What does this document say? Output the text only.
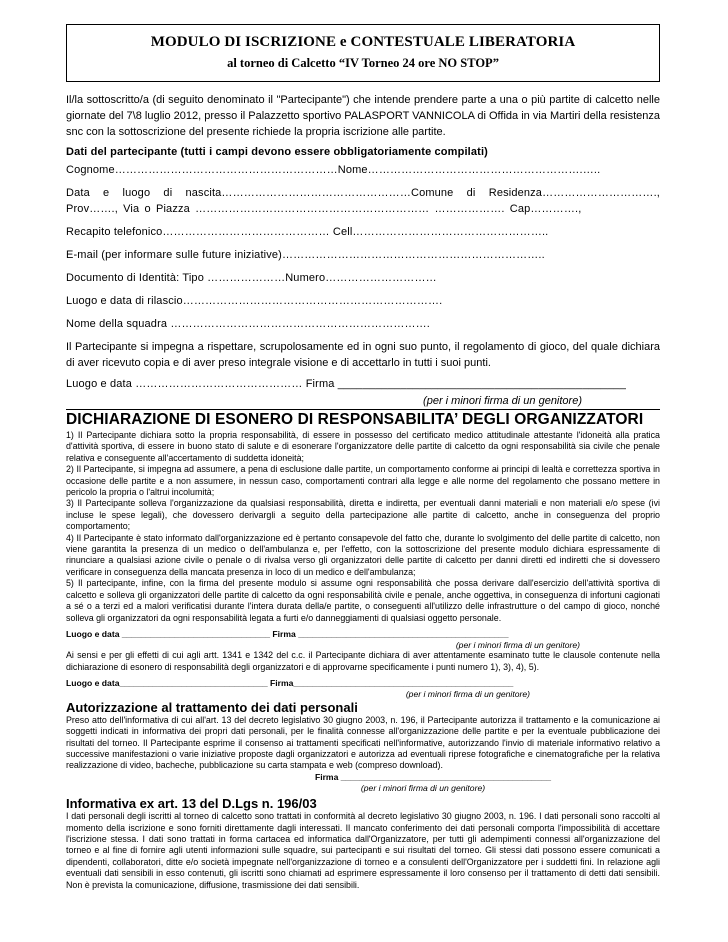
MODULO DI ISCRIZIONE e CONTESTUALE LIBERATORIA
al torneo di Calcetto “IV Torneo 24 ore NO STOP”

Il/la sottoscritto/a (di seguito denominato il "Partecipante") che intende prendere parte a una o più partite di calcetto nelle giornate del 7\8 luglio 2012, presso il Palazzetto sportivo PALASPORT VANNICOLA di Offida in via Martiri della resistenza snc con la sottoscrizione del presente richiede la propria iscrizione alle partite.

Dati del partecipante (tutti i campi devono essere obbligatoriamente compilati)

Cognome……………………………………………………Nome………………………………………………….…..

Data e luogo di nascita……………………………………………Comune di Residenza…………………………., Prov……., Via o Piazza ……………………………………………………… ………………. Cap………….,

Recapito telefonico……………………………………… Cell……………………………………………..

E-mail (per informare sulle future iniziative)……………………………………………………………..

Documento di Identità: Tipo …………………Numero…………………………

Luogo e data di rilascio…………………………………………………………….

Nome della squadra …………………………………………………………….

Il Partecipante si impegna a rispettare, scrupolosamente ed in ogni suo punto, il regolamento di gioco, del quale dichiara di aver ricevuto copia e di aver preso integrale visione e di accettarlo in tutti i suoi punti.

Luogo e data ……………………………………… Firma ______________________________________________

(per i minori firma di un genitore)

DICHIARAZIONE DI ESONERO DI RESPONSABILITA’ DEGLI ORGANIZZATORI

1) Il Partecipante dichiara sotto la propria responsabilità, di essere in possesso del certificato medico attitudinale attestante l'idoneità alla pratica d'attività sportiva, di essere in buono stato di salute e di esonerare l'organizzatore delle partite di calcetto da ogni responsabilità sia civile che penale relativa e conseguente all'accertamento di suddetta idoneità;

2) Il Partecipante, si impegna ad assumere, a pena di esclusione dalle partite, un comportamento conforme ai principi di lealtà e correttezza sportiva in occasione delle partite e a non assumere, in nessun caso, comportamenti contrari alla legge e alle norme del regolamento che possano mettere in pericolo la propria o l'altrui incolumità;

3) Il Partecipante solleva l'organizzazione da qualsiasi responsabilità, diretta e indiretta, per eventuali danni materiali e non materiali e/o spese (ivi incluse le spese legali), che dovessero derivargli a seguito della partecipazione alle partite di calcetto, anche in conseguenza del proprio comportamento;

4) Il Partecipante è stato informato dall'organizzazione ed è pertanto consapevole del fatto che, durante lo svolgimento del delle partite di calcetto, non viene garantita la presenza di un medico o dell'ambulanza e, per l'effetto, con la sottoscrizione del presente modulo dichiara espressamente di rinunciare a qualsiasi azione civile o penale o di rivalsa verso gli organizzatori delle partite di calcetto per danni diretti ed indiretti che si dovessero verificare in conseguenza della mancata presenza in loco di un medico e dell'ambulanza;

5) Il partecipante, infine, con la firma del presente modulo si assume ogni responsabilità che possa derivare dall'esercizio dell'attività sportiva di calcetto e solleva gli organizzatori delle partite di calcetto da ogni responsabilità civile e penale, anche oggettiva, in conseguenza di infortuni cagionati a sé o a terzi ed a malori verificatisi durante l'intera durata della/e partite, o conseguenti all'utilizzo delle infrastrutture o del campo di gioco, nonché solleva gli organizzatori da ogni responsabilità legata a furti e/o danneggiamenti di qualsiasi oggetto personale.

Luogo e data _______________________________ Firma ____________________________________________

(per i minori firma di un genitore)

Ai sensi e per gli effetti di cui agli artt. 1341 e 1342 del c.c. il Partecipante dichiara di aver attentamente esaminato tutte le clausole contenute nella dichiarazione di esonero di responsabilità degli organizzatori e di approvarne specificamente i punti numero 1), 3), 4), 5).

Luogo e data_______________________________ Firma______________________________________________

(per i minori firma di un genitore)

Autorizzazione al trattamento dei dati personali

Preso atto dell'informativa di cui all'art. 13 del decreto legislativo 30 giugno 2003, n. 196, il Partecipante autorizza il trattamento e la comunicazione ai soggetti indicati in informativa dei propri dati personali, per le finalità connesse all'organizzazione delle partite e per la eventuale pubblicazione dei risultati del torneo. Il Partecipante esprime il consenso ai trattamenti specificati nell'informative, autorizzando l'invio di materiale informativo relativo a successive manifestazioni o varie iniziative proposte dagli organizzatori e autorizza ad eventuali riprese fotografiche e cinematografiche per la relativa realizzazione di video, bacheche, pubblicazione su carta stampata e web (compreso download).

Firma ____________________________________________

(per i minori firma di un genitore)

Informativa ex art. 13 del D.Lgs n. 196/03

I dati personali degli iscritti al torneo di calcetto sono trattati in conformità al decreto legislativo 30 giugno 2003, n. 196. I dati personali sono raccolti al momento della iscrizione e sono forniti direttamente dagli interessati. Il mancato conferimento dei dati personali comporta l'impossibilità di accettare l'iscrizione stessa. I dati sono trattati in forma cartacea ed informatica dall'Organizzatore, per tutti gli adempimenti connessi all'organizzazione del torneo e al fine di fornire agli utenti informazioni sulle squadre, sui partecipanti e sui risultati del torneo. Gli stessi dati possono essere comunicati a dipendenti, collaboratori, ditte e/o società impegnate nell'organizzazione di torneo e a consulenti dell'Organizzatore per i suddetti fini. In relazione agli eventuali dati sensibili in esso contenuti, gli iscritti sono chiamati ad esprimere espressamente il loro consenso per il trattamento di detti dati sensibili. Non è prevista la comunicazione, diffusione, trasmissione dei dati sensibili.
